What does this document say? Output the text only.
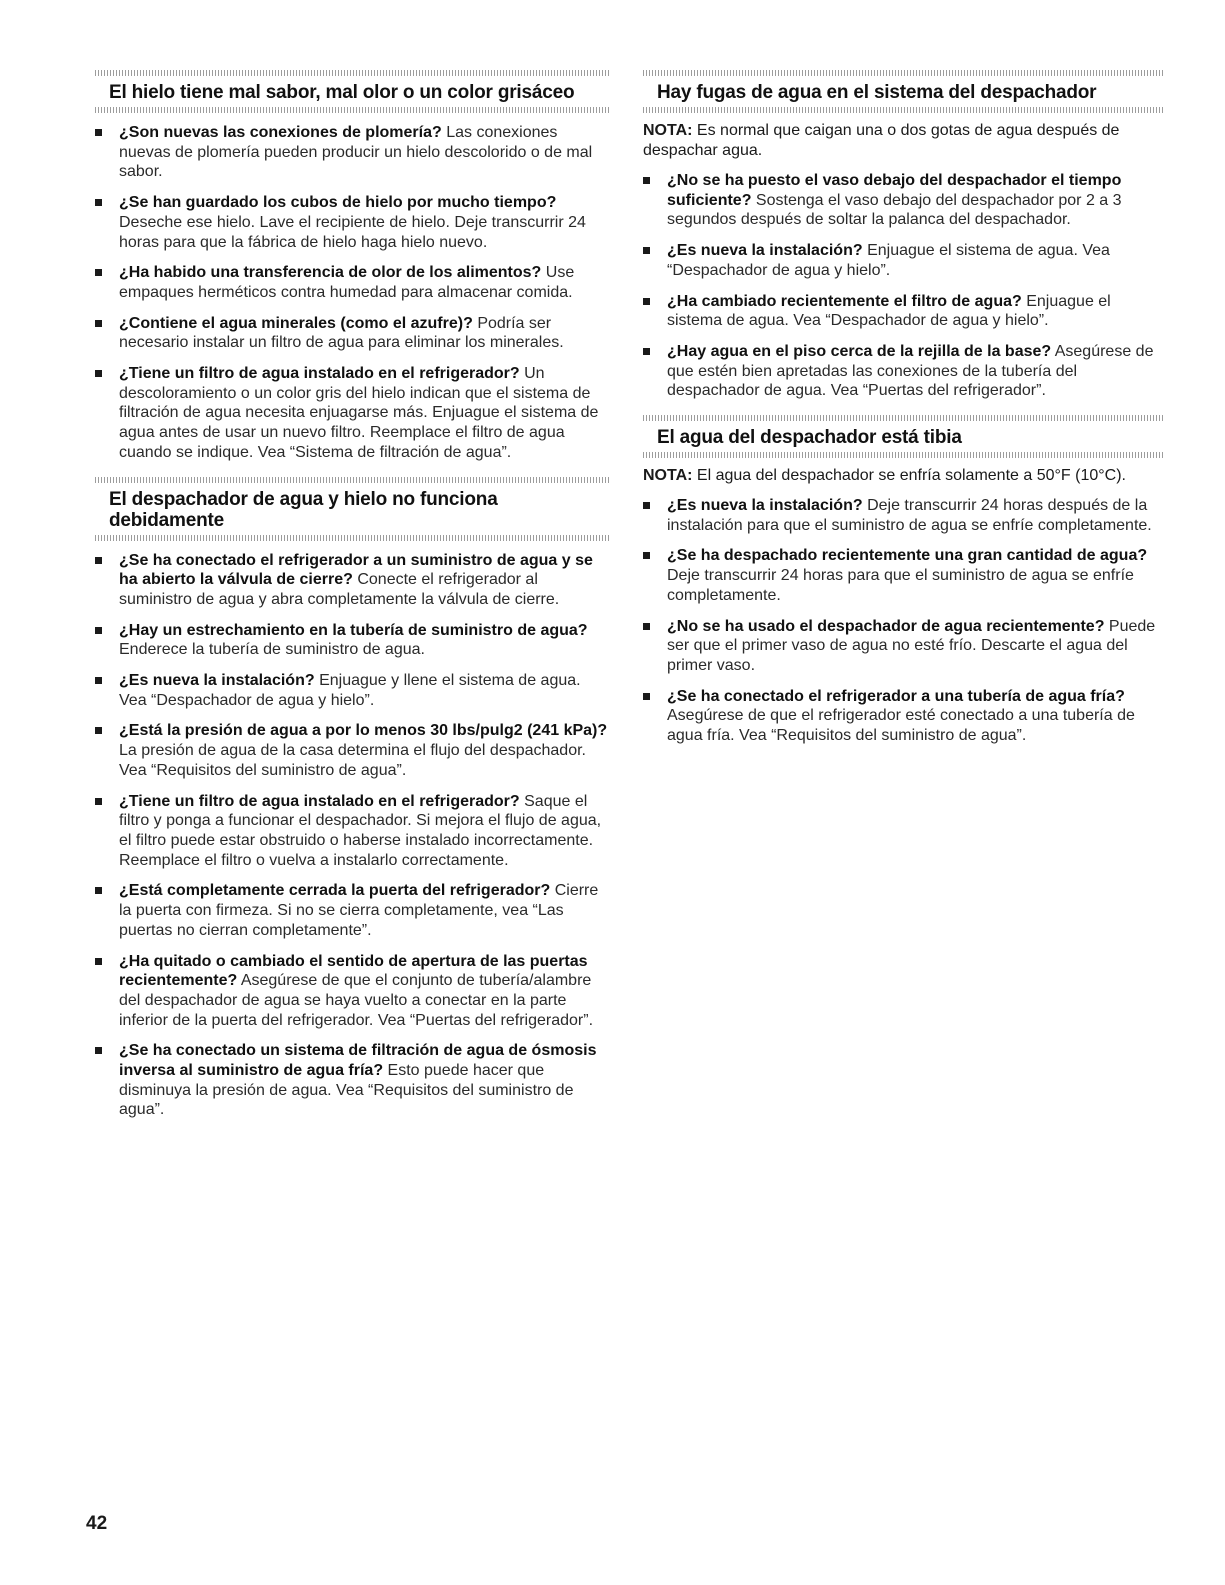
El hielo tiene mal sabor, mal olor o un color grisáceo
¿Son nuevas las conexiones de plomería? Las conexiones nuevas de plomería pueden producir un hielo descolorido o de mal sabor.
¿Se han guardado los cubos de hielo por mucho tiempo? Deseche ese hielo. Lave el recipiente de hielo. Deje transcurrir 24 horas para que la fábrica de hielo haga hielo nuevo.
¿Ha habido una transferencia de olor de los alimentos? Use empaques herméticos contra humedad para almacenar comida.
¿Contiene el agua minerales (como el azufre)? Podría ser necesario instalar un filtro de agua para eliminar los minerales.
¿Tiene un filtro de agua instalado en el refrigerador? Un descoloramiento o un color gris del hielo indican que el sistema de filtración de agua necesita enjuagarse más. Enjuague el sistema de agua antes de usar un nuevo filtro. Reemplace el filtro de agua cuando se indique. Vea “Sistema de filtración de agua”.
El despachador de agua y hielo no funciona debidamente
¿Se ha conectado el refrigerador a un suministro de agua y se ha abierto la válvula de cierre? Conecte el refrigerador al suministro de agua y abra completamente la válvula de cierre.
¿Hay un estrechamiento en la tubería de suministro de agua? Enderece la tubería de suministro de agua.
¿Es nueva la instalación? Enjuague y llene el sistema de agua. Vea “Despachador de agua y hielo”.
¿Está la presión de agua a por lo menos 30 lbs/pulg2 (241 kPa)? La presión de agua de la casa determina el flujo del despachador. Vea “Requisitos del suministro de agua”.
¿Tiene un filtro de agua instalado en el refrigerador? Saque el filtro y ponga a funcionar el despachador. Si mejora el flujo de agua, el filtro puede estar obstruido o haberse instalado incorrectamente. Reemplace el filtro o vuelva a instalarlo correctamente.
¿Está completamente cerrada la puerta del refrigerador? Cierre la puerta con firmeza. Si no se cierra completamente, vea “Las puertas no cierran completamente”.
¿Ha quitado o cambiado el sentido de apertura de las puertas recientemente? Asegúrese de que el conjunto de tubería/alambre del despachador de agua se haya vuelto a conectar en la parte inferior de la puerta del refrigerador. Vea “Puertas del refrigerador”.
¿Se ha conectado un sistema de filtración de agua de ósmosis inversa al suministro de agua fría? Esto puede hacer que disminuya la presión de agua. Vea “Requisitos del suministro de agua”.
Hay fugas de agua en el sistema del despachador
NOTA: Es normal que caigan una o dos gotas de agua después de despachar agua.
¿No se ha puesto el vaso debajo del despachador el tiempo suficiente? Sostenga el vaso debajo del despachador por 2 a 3 segundos después de soltar la palanca del despachador.
¿Es nueva la instalación? Enjuague el sistema de agua. Vea “Despachador de agua y hielo”.
¿Ha cambiado recientemente el filtro de agua? Enjuague el sistema de agua. Vea “Despachador de agua y hielo”.
¿Hay agua en el piso cerca de la rejilla de la base? Asegúrese de que estén bien apretadas las conexiones de la tubería del despachador de agua. Vea “Puertas del refrigerador”.
El agua del despachador está tibia
NOTA: El agua del despachador se enfría solamente a 50°F (10°C).
¿Es nueva la instalación? Deje transcurrir 24 horas después de la instalación para que el suministro de agua se enfríe completamente.
¿Se ha despachado recientemente una gran cantidad de agua? Deje transcurrir 24 horas para que el suministro de agua se enfríe completamente.
¿No se ha usado el despachador de agua recientemente? Puede ser que el primer vaso de agua no esté frío. Descarte el agua del primer vaso.
¿Se ha conectado el refrigerador a una tubería de agua fría? Asegúrese de que el refrigerador esté conectado a una tubería de agua fría. Vea “Requisitos del suministro de agua”.
42
